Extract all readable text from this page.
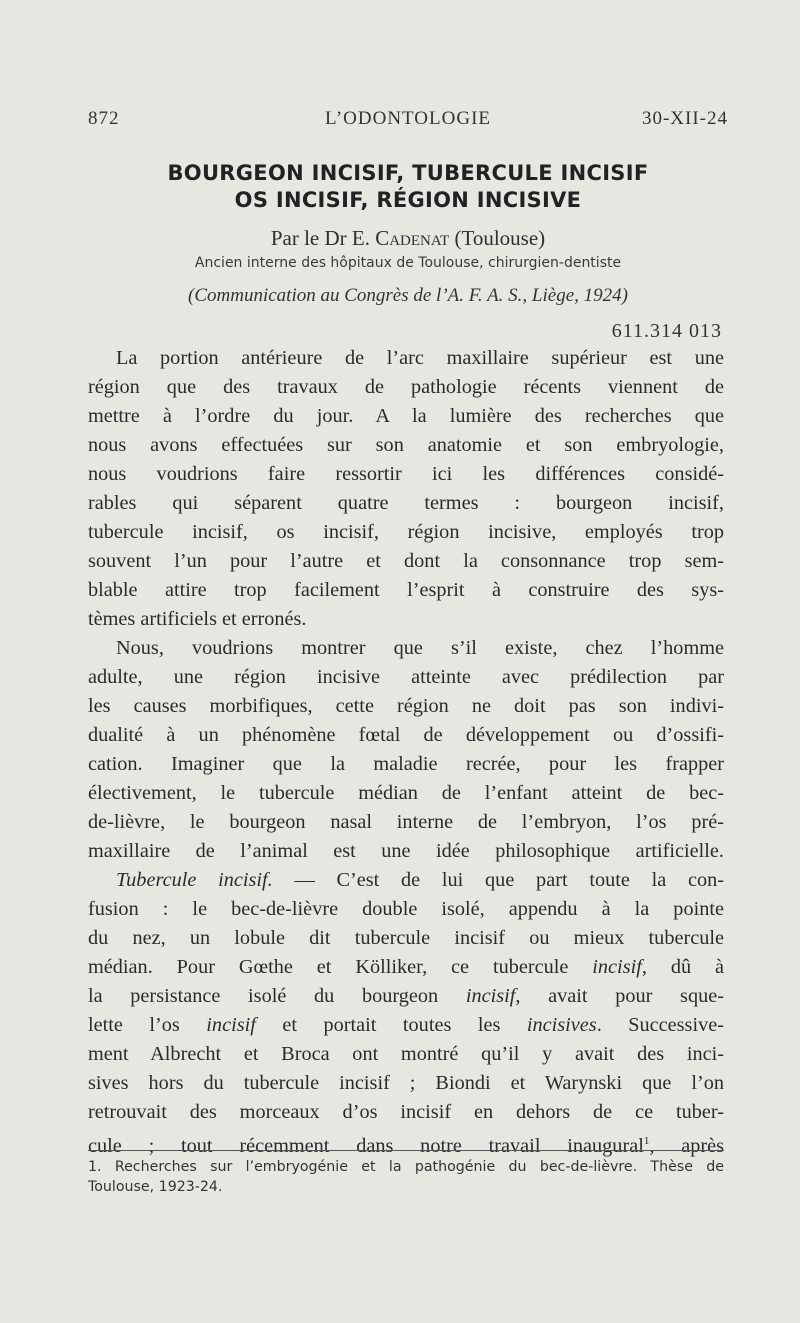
872	L’ODONTOLOGIE	30-XII-24
BOURGEON INCISIF, TUBERCULE INCISIF
OS INCISIF, RÉGION INCISIVE
Par le Dr E. Cadenat (Toulouse)
Ancien interne des hôpitaux de Toulouse, chirurgien-dentiste
(Communication au Congrès de l’A. F. A. S., Liège, 1924)
611.314 013

La portion antérieure de l’arc maxillaire supérieur est une
région que des travaux de pathologie récents viennent de
mettre à l’ordre du jour. A la lumière des recherches que
nous avons effectuées sur son anatomie et son embryologie,
nous voudrions faire ressortir ici les différences considé-
rables qui séparent quatre termes : bourgeon incisif,
tubercule incisif, os incisif, région incisive, employés trop
souvent l’un pour l’autre et dont la consonnance trop sem-
blable attire trop facilement l’esprit à construire des sys-
tèmes artificiels et erronés.

Nous, voudrions montrer que s’il existe, chez l’homme
adulte, une région incisive atteinte avec prédilection par
les causes morbifiques, cette région ne doit pas son indivi-
dualité à un phénomène fœtal de développement ou d’ossifi-
cation. Imaginer que la maladie recrée, pour les frapper
électivement, le tubercule médian de l’enfant atteint de bec-
de-lièvre, le bourgeon nasal interne de l’embryon, l’os pré-
maxillaire de l’animal est une idée philosophique artificielle.

Tubercule incisif. — C’est de lui que part toute la con-
fusion : le bec-de-lièvre double isolé, appendu à la pointe
du nez, un lobule dit tubercule incisif ou mieux tubercule
médian. Pour Gœthe et Kölliker, ce tubercule incisif, dû à
la persistance isolé du bourgeon incisif, avait pour sque-
lette l’os incisif et portait toutes les incisives. Successive-
ment Albrecht et Broca ont montré qu’il y avait des inci-
sives hors du tubercule incisif ; Biondi et Warynski que l’on
retrouvait des morceaux d’os incisif en dehors de ce tuber-
cule ; tout récemment dans notre travail inaugural$^1$, après

1. Recherches sur l’embryogénie et la pathogénie du bec-de-lièvre. Thèse de
Toulouse, 1923-24.
